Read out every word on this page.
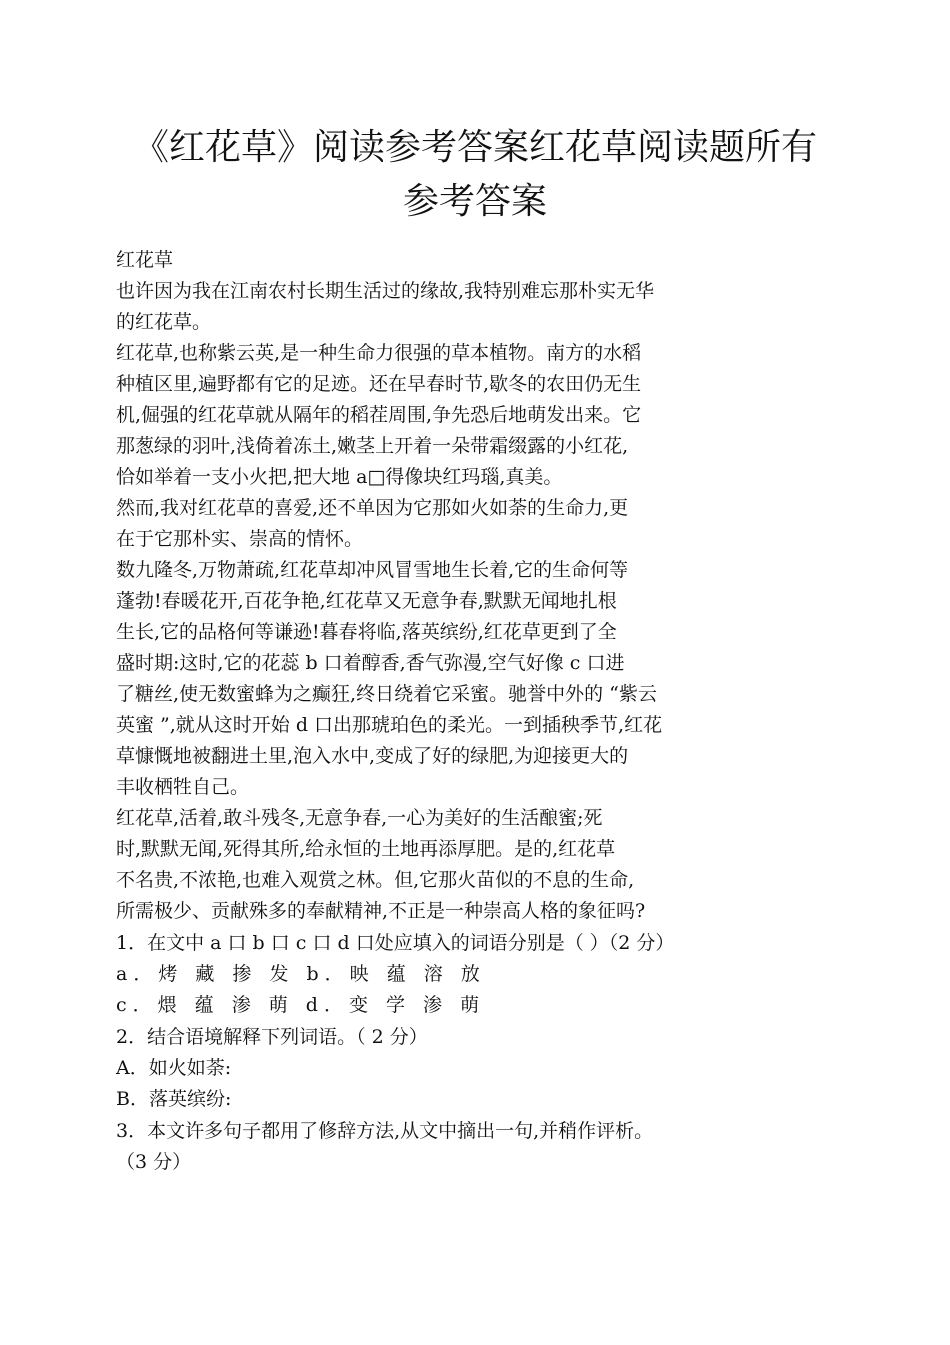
《红花草》阅读参考答案红花草阅读题所有
参考答案
红花草
也许因为我在江南农村长期生活过的缘故,我特别难忘那朴实无华
的红花草。
红花草,也称紫云英,是一种生命力很强的草本植物。南方的水稻
种植区里,遍野都有它的足迹。还在早春时节,歇冬的农田仍无生
机,倔强的红花草就从隔年的稻茬周围,争先恐后地萌发出来。它
那葱绿的羽叶,浅倚着冻土,嫩茎上开着一朵带霜缀露的小红花,
恰如举着一支小火把,把大地 a□得像块红玛瑙,真美。
然而,我对红花草的喜爱,还不单因为它那如火如荼的生命力,更
在于它那朴实、崇高的情怀。
数九隆冬,万物萧疏,红花草却冲风冒雪地生长着,它的生命何等
蓬勃!春暖花开,百花争艳,红花草又无意争春,默默无闻地扎根
生长,它的品格何等谦逊!暮春将临,落英缤纷,红花草更到了全
盛时期:这时,它的花蕊 b 口着醇香,香气弥漫,空气好像 c 口进
了糖丝,使无数蜜蜂为之癫狂,终日绕着它采蜜。驰誉中外的 “紫云
英蜜 ”,就从这时开始 d 口出那琥珀色的柔光。一到插秧季节,红花
草慷慨地被翻进土里,泡入水中,变成了好的绿肥,为迎接更大的
丰收栖牲自己。
红花草,活着,敢斗残冬,无意争春,一心为美好的生活酿蜜;死
时,默默无闻,死得其所,给永恒的土地再添厚肥。是的,红花草
不名贵,不浓艳,也难入观赏之林。但,它那火苗似的不息的生命,
所需极少、贡献殊多的奉献精神,不正是一种崇高人格的象征吗?
1．在文中 a 口 b 口 c 口 d 口处应填入的词语分别是（ ）（2 分）
a．烤 藏 掺 发 b．映 蕴 溶 放
c．煨 蕴 渗 萌 d．变 学 渗 萌
2．结合语境解释下列词语。（ 2 分）
A．如火如荼:
B．落英缤纷:
3．本文许多句子都用了修辞方法,从文中摘出一句,并稍作评析。
（3 分）
